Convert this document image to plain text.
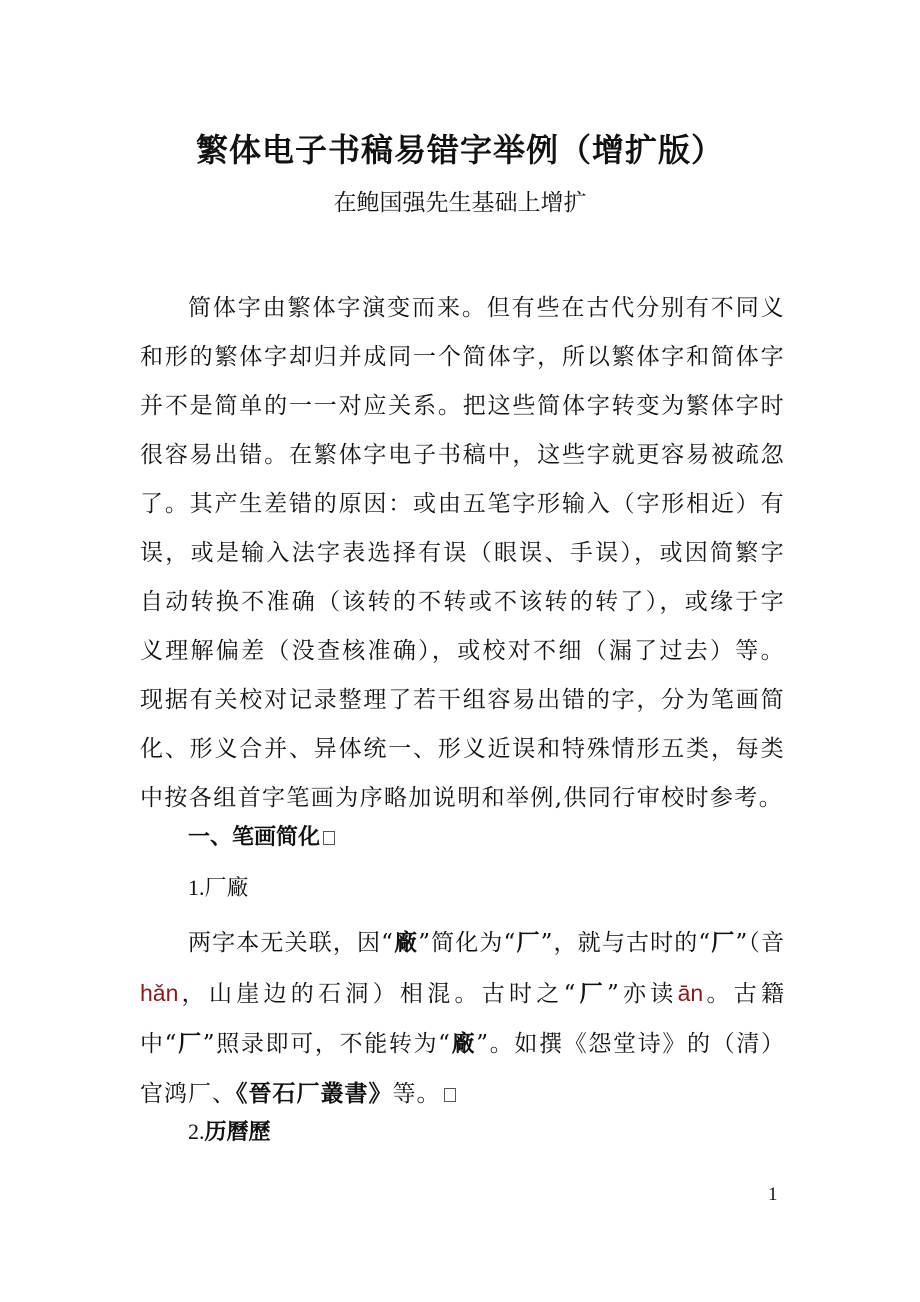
繁体电子书稿易错字举例（增扩版）
在鲍国强先生基础上增扩

简体字由繁体字演变而来。但有些在古代分别有不同义和形的繁体字却归并成同一个简体字，所以繁体字和简体字并不是简单的一一对应关系。把这些简体字转变为繁体字时很容易出错。在繁体字电子书稿中，这些字就更容易被疏忽了。其产生差错的原因：或由五笔字形输入（字形相近）有误，或是输入法字表选择有误（眼误、手误），或因简繁字自动转换不准确（该转的不转或不该转的转了），或缘于字义理解偏差（没查核准确），或校对不细（漏了过去）等。现据有关校对记录整理了若干组容易出错的字，分为笔画简化、形义合并、异体统一、形义近误和特殊情形五类，每类中按各组首字笔画为序略加说明和举例,供同行审校时参考。

一、笔画简化
1.厂廠

两字本无关联，因“廠”简化为“厂”，就与古时的“厂”（音hǎn，山崖边的石洞）相混。古时之“厂”亦读ān。古籍中“厂”照录即可，不能转为“廠”。如撰《怨堂诗》的（清）官鸿厂、《晉石厂叢書》等。

2.历曆歷
1
